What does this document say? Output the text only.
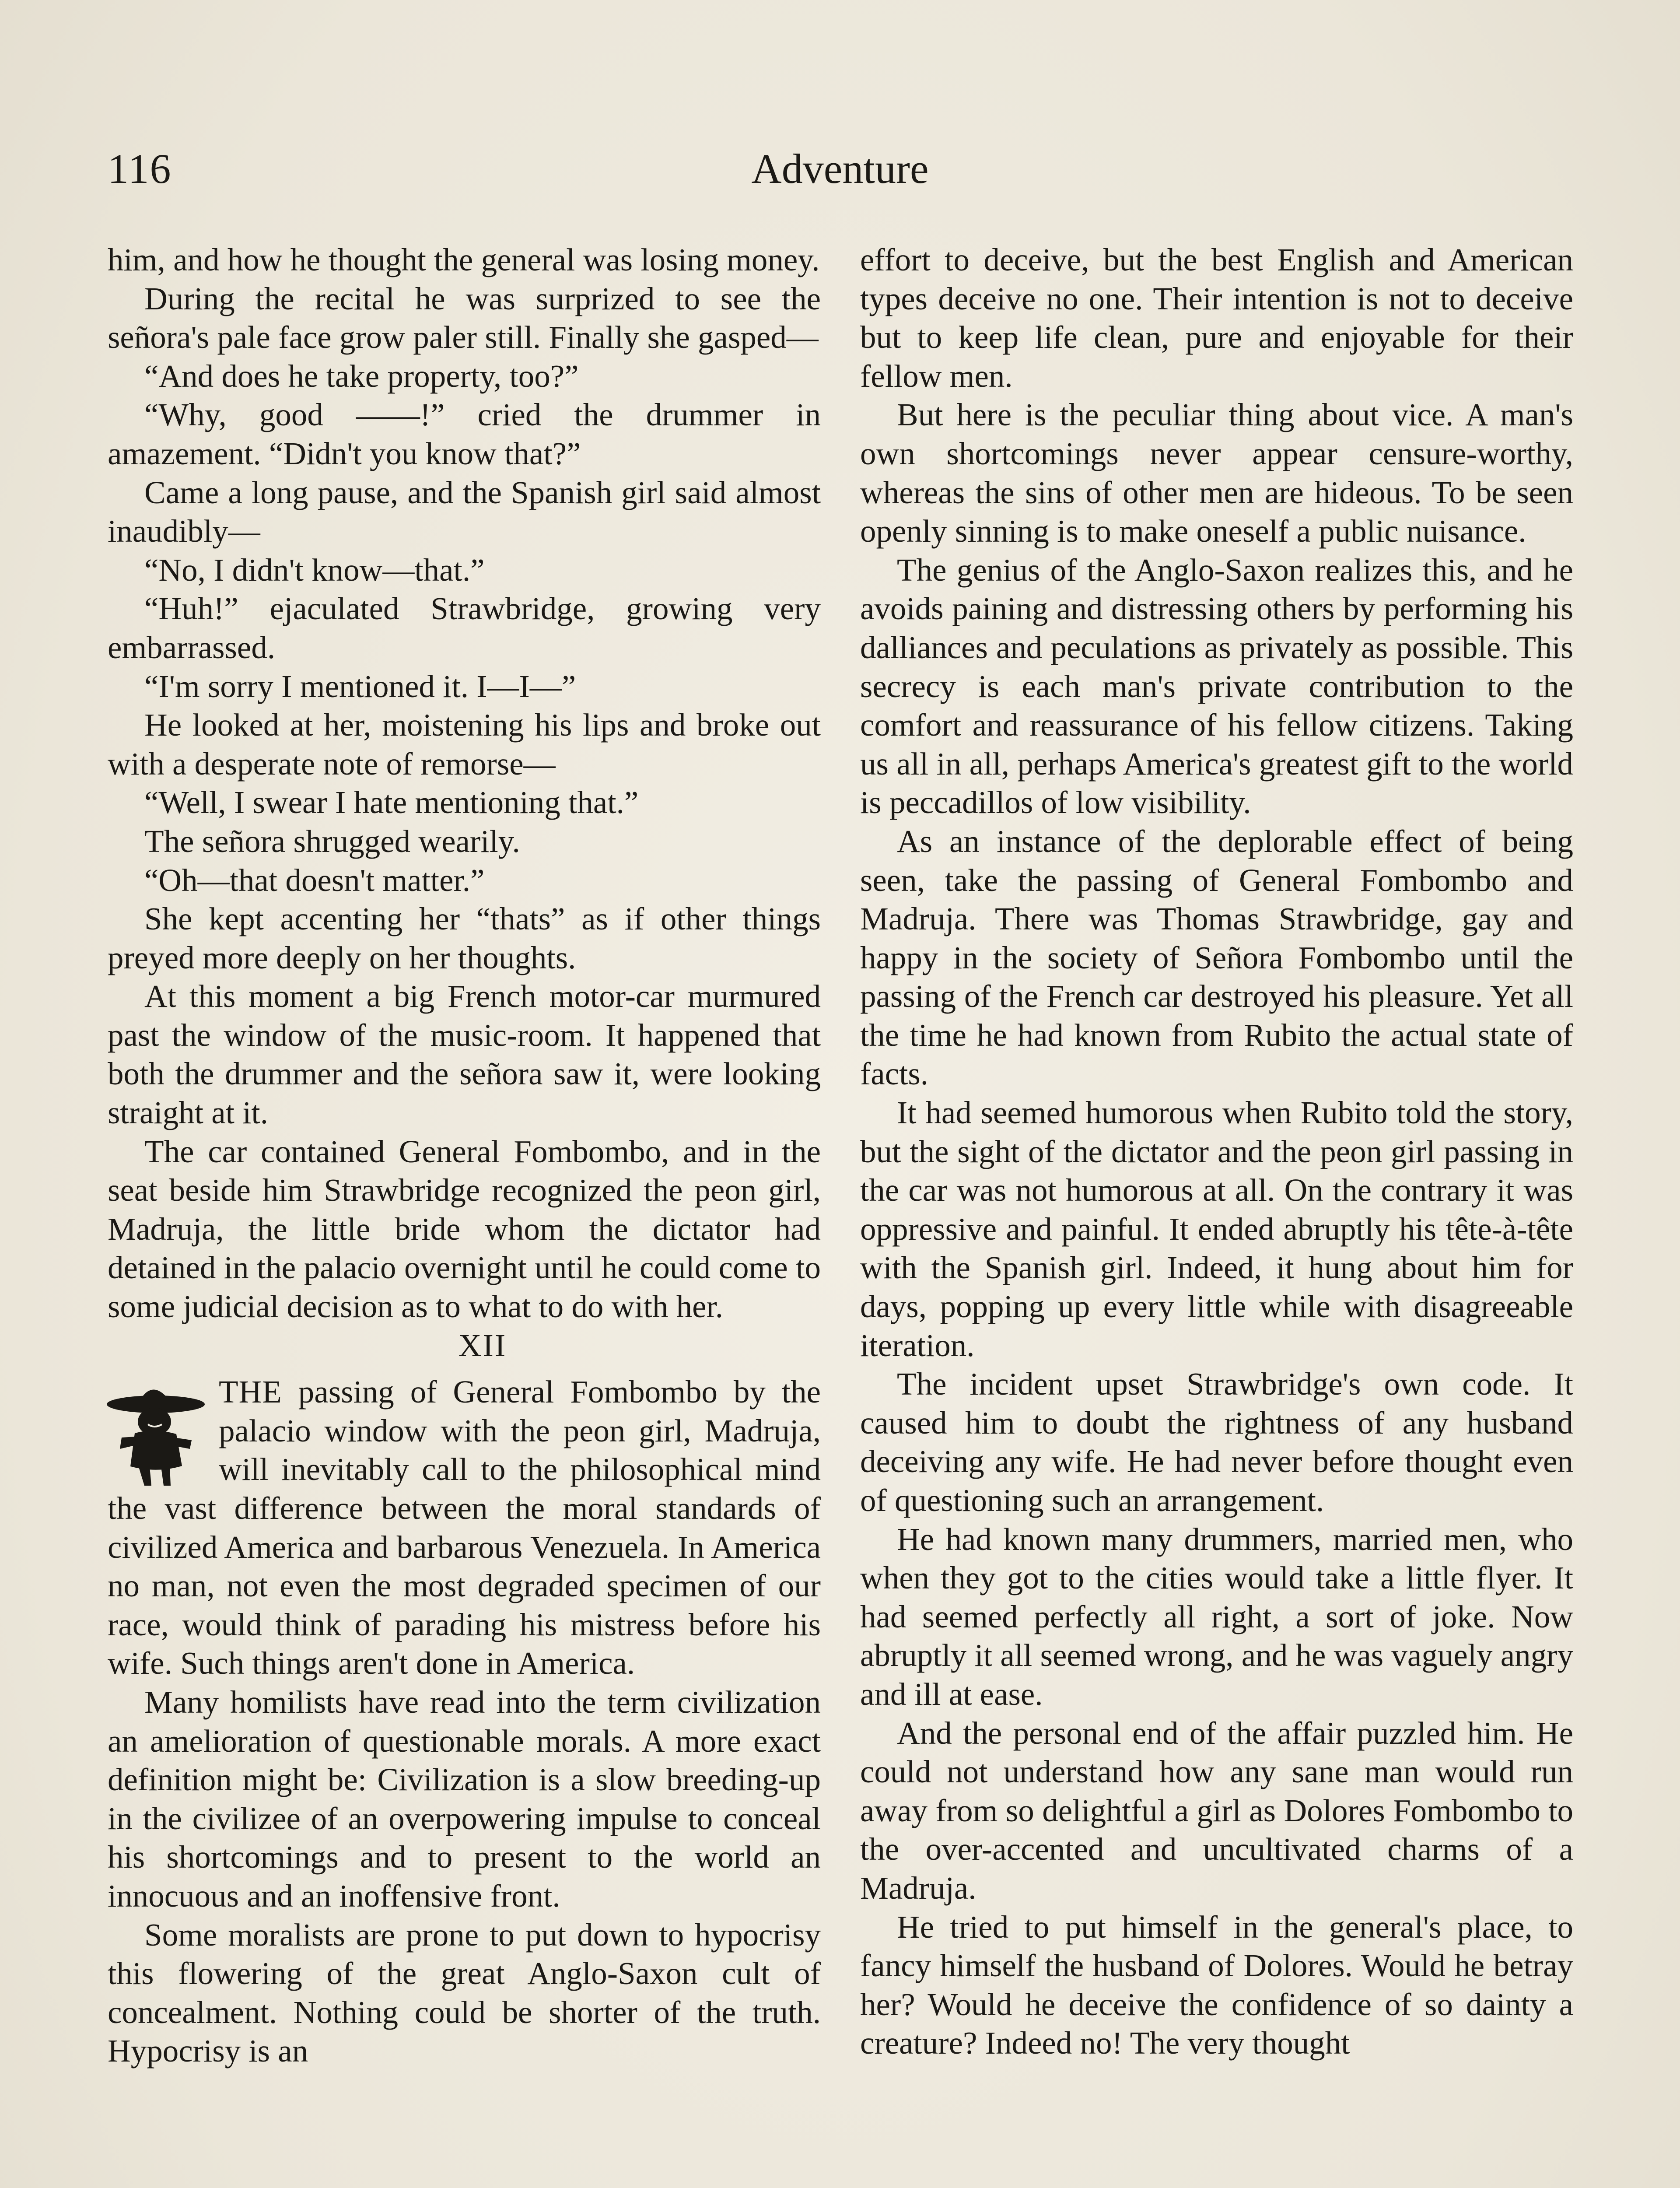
116	Adventure

him, and how he thought the general was losing money.

During the recital he was surprized to see the señora's pale face grow paler still. Finally she gasped—

“And does he take property, too?”

“Why, good ——!” cried the drummer in amazement. “Didn't you know that?”

Came a long pause, and the Spanish girl said almost inaudibly—

“No, I didn't know—that.”

“Huh!” ejaculated Strawbridge, growing very embarrassed.

“I'm sorry I mentioned it. I—I—”

He looked at her, moistening his lips and broke out with a desperate note of remorse—

“Well, I swear I hate mentioning that.”

The señora shrugged wearily.

“Oh—that doesn't matter.”

She kept accenting her “thats” as if other things preyed more deeply on her thoughts.

At this moment a big French motor-car murmured past the window of the music-room. It happened that both the drummer and the señora saw it, were looking straight at it.

The car contained General Fombombo, and in the seat beside him Strawbridge recognized the peon girl, Madruja, the little bride whom the dictator had detained in the palacio overnight until he could come to some judicial decision as to what to do with her.

XII

THE passing of General Fombombo by the palacio window with the peon girl, Madruja, will inevitably call to the philosophical mind the vast difference between the moral standards of civilized America and barbarous Venezuela. In America no man, not even the most degraded specimen of our race, would think of parading his mistress before his wife. Such things aren't done in America.

Many homilists have read into the term civilization an amelioration of questionable morals. A more exact definition might be: Civilization is a slow breeding-up in the civilizee of an overpowering impulse to conceal his shortcomings and to present to the world an innocuous and an inoffensive front.

Some moralists are prone to put down to hypocrisy this flowering of the great Anglo-Saxon cult of concealment. Nothing could be shorter of the truth. Hypocrisy is an

effort to deceive, but the best English and American types deceive no one. Their intention is not to deceive but to keep life clean, pure and enjoyable for their fellow men.

But here is the peculiar thing about vice. A man's own shortcomings never appear censure-worthy, whereas the sins of other men are hideous. To be seen openly sinning is to make oneself a public nuisance.

The genius of the Anglo-Saxon realizes this, and he avoids paining and distressing others by performing his dalliances and peculations as privately as possible. This secrecy is each man's private contribution to the comfort and reassurance of his fellow citizens. Taking us all in all, perhaps America's greatest gift to the world is peccadillos of low visibility.

As an instance of the deplorable effect of being seen, take the passing of General Fombombo and Madruja. There was Thomas Strawbridge, gay and happy in the society of Señora Fombombo until the passing of the French car destroyed his pleasure. Yet all the time he had known from Rubito the actual state of facts.

It had seemed humorous when Rubito told the story, but the sight of the dictator and the peon girl passing in the car was not humorous at all. On the contrary it was oppressive and painful. It ended abruptly his tête-à-tête with the Spanish girl. Indeed, it hung about him for days, popping up every little while with disagreeable iteration.

The incident upset Strawbridge's own code. It caused him to doubt the rightness of any husband deceiving any wife. He had never before thought even of questioning such an arrangement.

He had known many drummers, married men, who when they got to the cities would take a little flyer. It had seemed perfectly all right, a sort of joke. Now abruptly it all seemed wrong, and he was vaguely angry and ill at ease.

And the personal end of the affair puzzled him. He could not understand how any sane man would run away from so delightful a girl as Dolores Fombombo to the over-accented and uncultivated charms of a Madruja.

He tried to put himself in the general's place, to fancy himself the husband of Dolores. Would he betray her? Would he deceive the confidence of so dainty a creature? Indeed no! The very thought
